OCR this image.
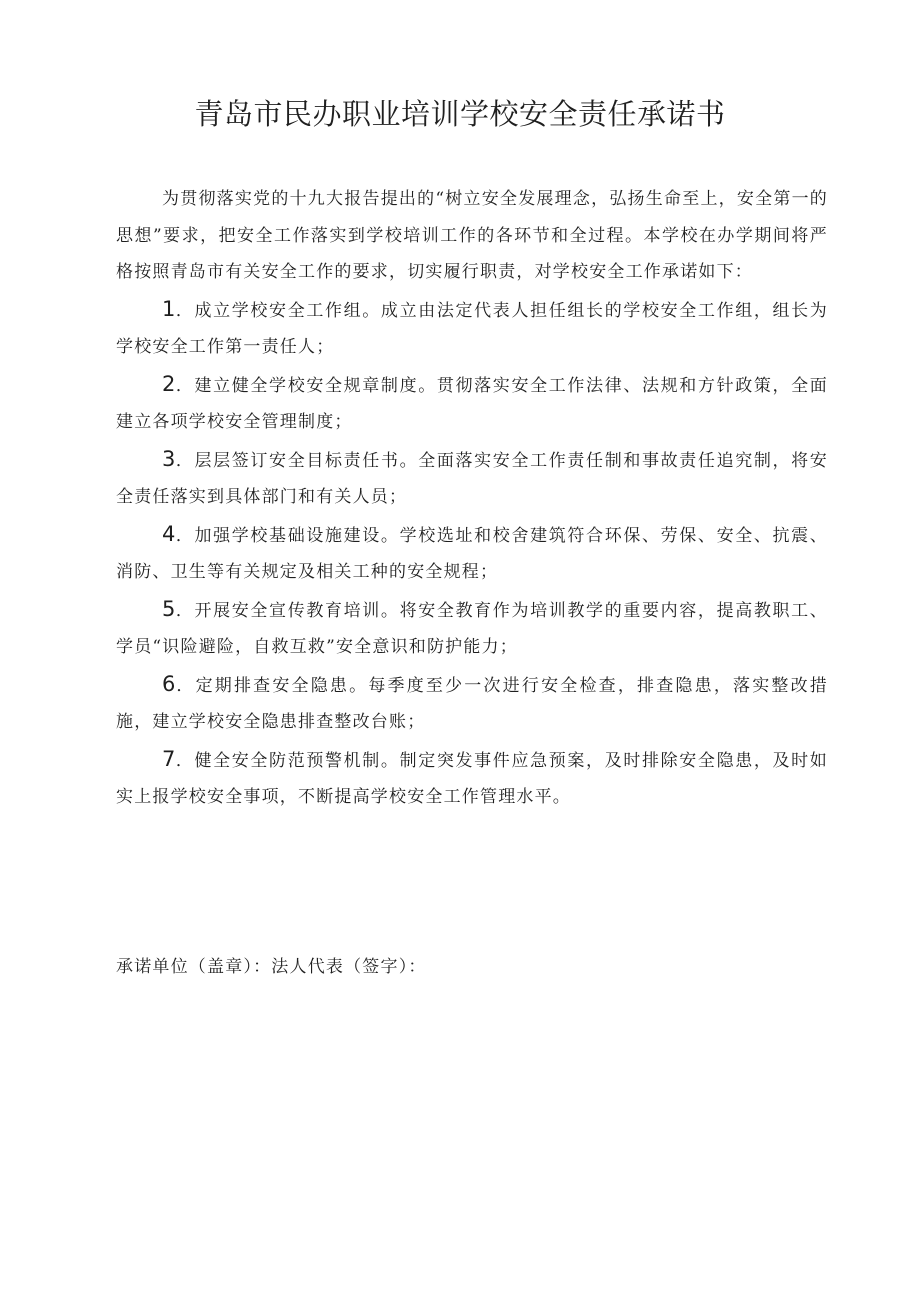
青岛市民办职业培训学校安全责任承诺书

为贯彻落实党的十九大报告提出的“树立安全发展理念，弘扬生命至上，安全第一的思想”要求，把安全工作落实到学校培训工作的各环节和全过程。本学校在办学期间将严格按照青岛市有关安全工作的要求，切实履行职责，对学校安全工作承诺如下：

1．成立学校安全工作组。成立由法定代表人担任组长的学校安全工作组，组长为学校安全工作第一责任人；

2．建立健全学校安全规章制度。贯彻落实安全工作法律、法规和方针政策，全面建立各项学校安全管理制度；

3．层层签订安全目标责任书。全面落实安全工作责任制和事故责任追究制，将安全责任落实到具体部门和有关人员；

4．加强学校基础设施建设。学校选址和校舍建筑符合环保、劳保、安全、抗震、消防、卫生等有关规定及相关工种的安全规程；

5．开展安全宣传教育培训。将安全教育作为培训教学的重要内容，提高教职工、学员“识险避险，自救互救”安全意识和防护能力；

6．定期排查安全隐患。每季度至少一次进行安全检查，排查隐患，落实整改措施，建立学校安全隐患排查整改台账；

7．健全安全防范预警机制。制定突发事件应急预案，及时排除安全隐患，及时如实上报学校安全事项，不断提高学校安全工作管理水平。

承诺单位（盖章）：法人代表（签字）：
